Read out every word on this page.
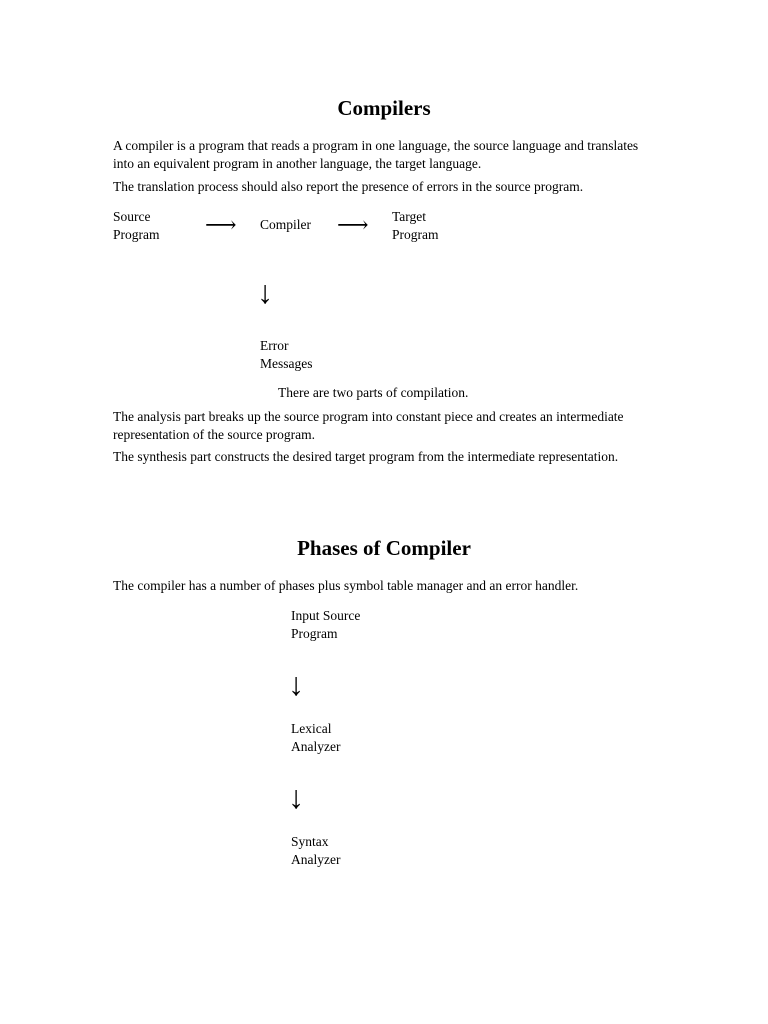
Compilers

A compiler is a program that reads a program in one language, the source language and translates into an equivalent program in another language, the target language.

The translation process should also report the presence of errors in the source program.

Source
Program ⟶ Compiler ⟶ Target
Program
↓
Error
Messages

There are two parts of compilation.

The analysis part breaks up the source program into constant piece and creates an intermediate representation of the source program.

The synthesis part constructs the desired target program from the intermediate representation.

Phases of Compiler

The compiler has a number of phases plus symbol table manager and an error handler.

Input Source
Program
↓
Lexical
Analyzer
↓
Syntax
Analyzer
